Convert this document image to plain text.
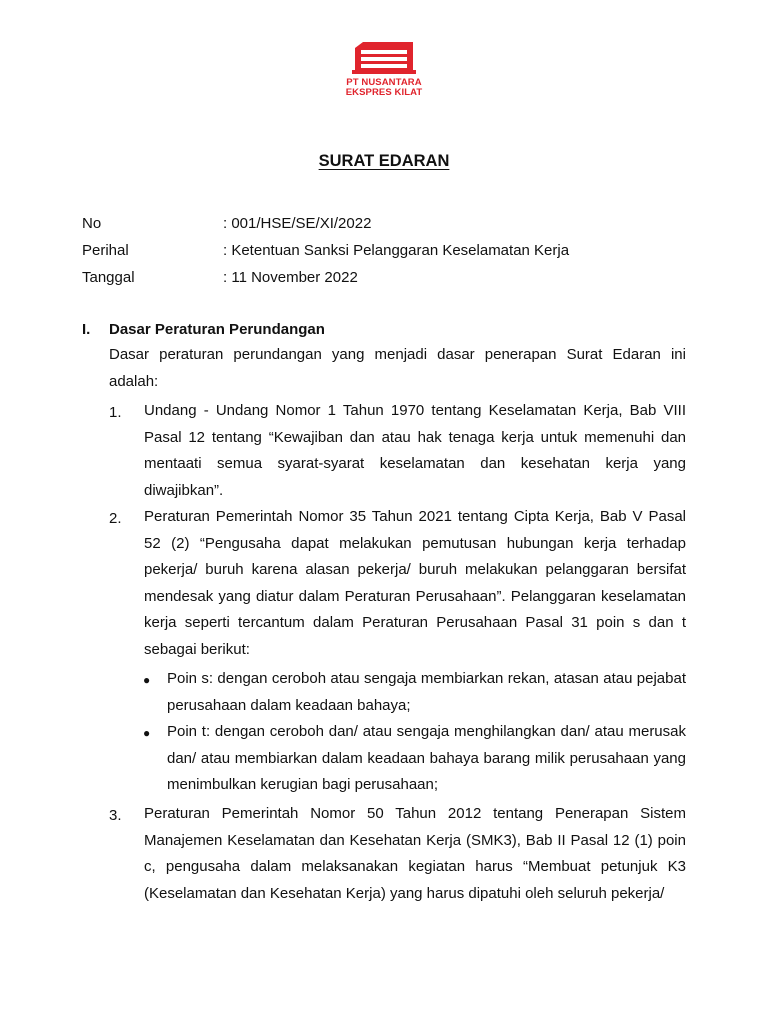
PT NUSANTARA
EKSPRES KILAT
SURAT EDARAN
No	: 001/HSE/SE/XI/2022
Perihal	: Ketentuan Sanksi Pelanggaran Keselamatan Kerja
Tanggal	: 11 November 2022
I. Dasar Peraturan Perundangan

Dasar peraturan perundangan yang menjadi dasar penerapan Surat Edaran ini adalah:

1. Undang - Undang Nomor 1 Tahun 1970 tentang Keselamatan Kerja, Bab VIII Pasal 12 tentang “Kewajiban dan atau hak tenaga kerja untuk memenuhi dan mentaati semua syarat-syarat keselamatan dan kesehatan kerja yang diwajibkan”.

2. Peraturan Pemerintah Nomor 35 Tahun 2021 tentang Cipta Kerja, Bab V Pasal 52 (2) “Pengusaha dapat melakukan pemutusan hubungan kerja terhadap pekerja/ buruh karena alasan pekerja/ buruh melakukan pelanggaran bersifat mendesak yang diatur dalam Peraturan Perusahaan”. Pelanggaran keselamatan kerja seperti tercantum dalam Peraturan Perusahaan Pasal 31 poin s dan t sebagai berikut:

● Poin s: dengan ceroboh atau sengaja membiarkan rekan, atasan atau pejabat perusahaan dalam keadaan bahaya;

● Poin t: dengan ceroboh dan/ atau sengaja menghilangkan dan/ atau merusak dan/ atau membiarkan dalam keadaan bahaya barang milik perusahaan yang menimbulkan kerugian bagi perusahaan;

3. Peraturan Pemerintah Nomor 50 Tahun 2012 tentang Penerapan Sistem Manajemen Keselamatan dan Kesehatan Kerja (SMK3), Bab II Pasal 12 (1) poin c, pengusaha dalam melaksanakan kegiatan harus “Membuat petunjuk K3 (Keselamatan dan Kesehatan Kerja) yang harus dipatuhi oleh seluruh pekerja/
